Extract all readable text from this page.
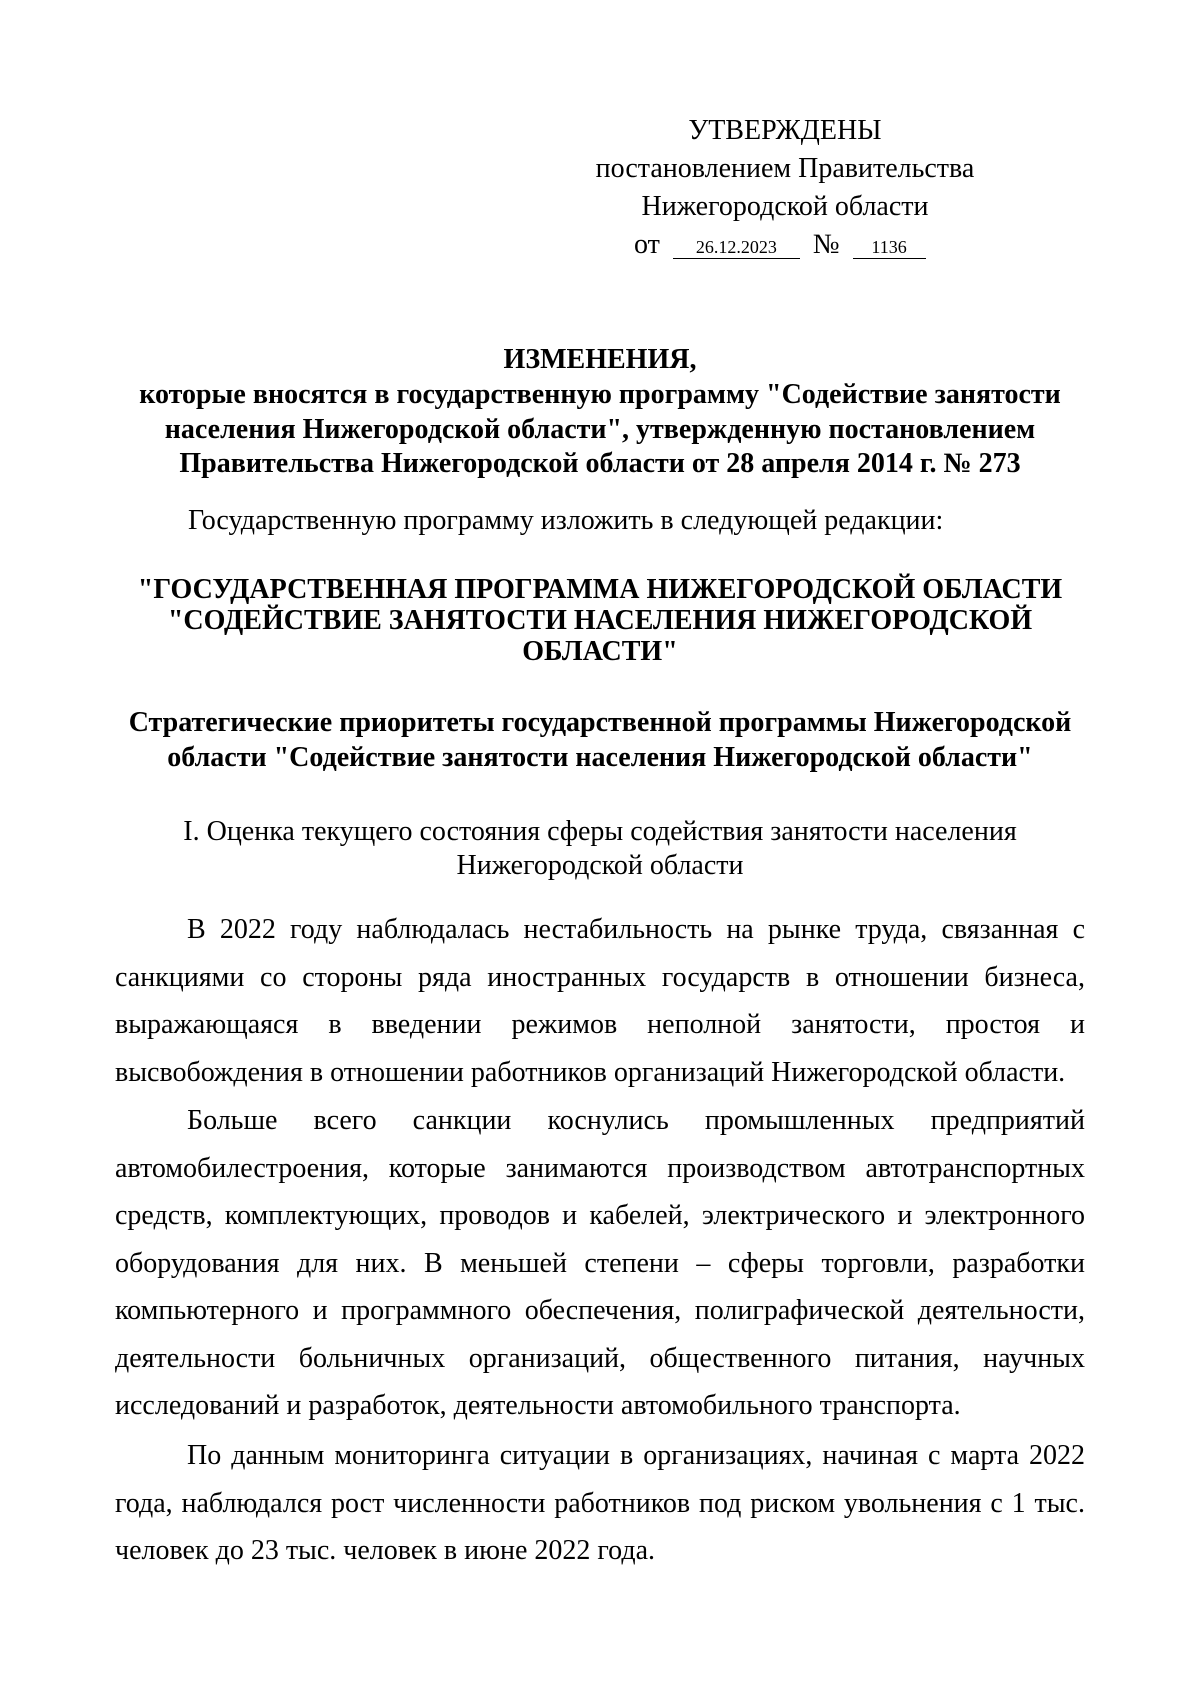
УТВЕРЖДЕНЫ
постановлением Правительства
Нижегородской области
от 26.12.2023 № 1136
ИЗМЕНЕНИЯ,
которые вносятся в государственную программу "Содействие занятости населения Нижегородской области", утвержденную постановлением Правительства Нижегородской области от 28 апреля 2014 г. № 273
Государственную программу изложить в следующей редакции:
"ГОСУДАРСТВЕННАЯ ПРОГРАММА НИЖЕГОРОДСКОЙ ОБЛАСТИ "СОДЕЙСТВИЕ ЗАНЯТОСТИ НАСЕЛЕНИЯ НИЖЕГОРОДСКОЙ ОБЛАСТИ"
Стратегические приоритеты государственной программы Нижегородской области "Содействие занятости населения Нижегородской области"
I. Оценка текущего состояния сферы содействия занятости населения Нижегородской области

В 2022 году наблюдалась нестабильность на рынке труда, связанная с санкциями со стороны ряда иностранных государств в отношении бизнеса, выражающаяся в введении режимов неполной занятости, простоя и высвобождения в отношении работников организаций Нижегородской области.

Больше всего санкции коснулись промышленных предприятий автомобилестроения, которые занимаются производством автотранспортных средств, комплектующих, проводов и кабелей, электрического и электронного оборудования для них. В меньшей степени – сферы торговли, разработки компьютерного и программного обеспечения, полиграфической деятельности, деятельности больничных организаций, общественного питания, научных исследований и разработок, деятельности автомобильного транспорта.

По данным мониторинга ситуации в организациях, начиная с марта 2022 года, наблюдался рост численности работников под риском увольнения с 1 тыс. человек до 23 тыс. человек в июне 2022 года.
